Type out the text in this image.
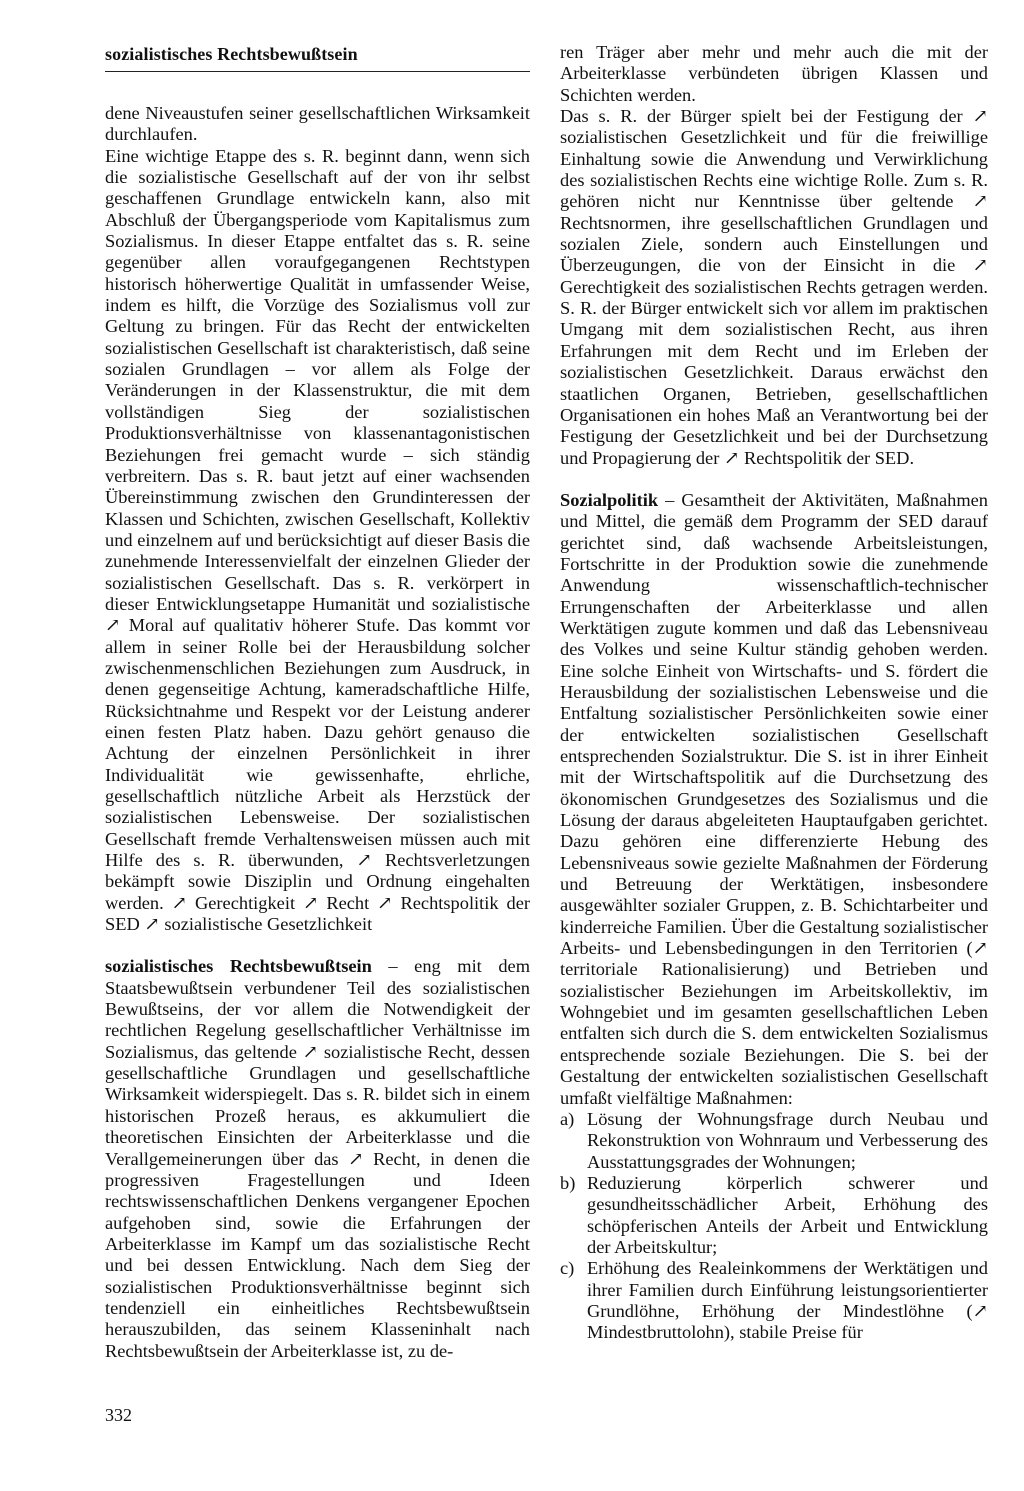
sozialistisches Rechtsbewußtsein

dene Niveaustufen seiner gesellschaftlichen Wirksamkeit durchlaufen.

Eine wichtige Etappe des s. R. beginnt dann, wenn sich die sozialistische Gesellschaft auf der von ihr selbst geschaffenen Grundlage entwickeln kann, also mit Abschluß der Übergangsperiode vom Kapitalismus zum Sozialismus. In dieser Etappe entfaltet das s. R. seine gegenüber allen voraufgegangenen Rechtstypen historisch höherwertige Qualität in umfassender Weise, indem es hilft, die Vorzüge des Sozialismus voll zur Geltung zu bringen. Für das Recht der entwickelten sozialistischen Gesellschaft ist charakteristisch, daß seine sozialen Grundlagen – vor allem als Folge der Veränderungen in der Klassenstruktur, die mit dem vollständigen Sieg der sozialistischen Produktionsverhältnisse von klassenantagonistischen Beziehungen frei gemacht wurde – sich ständig verbreitern. Das s. R. baut jetzt auf einer wachsenden Übereinstimmung zwischen den Grundinteressen der Klassen und Schichten, zwischen Gesellschaft, Kollektiv und einzelnem auf und berücksichtigt auf dieser Basis die zunehmende Interessenvielfalt der einzelnen Glieder der sozialistischen Gesellschaft. Das s. R. verkörpert in dieser Entwicklungsetappe Humanität und sozialistische ↗ Moral auf qualitativ höherer Stufe. Das kommt vor allem in seiner Rolle bei der Herausbildung solcher zwischenmenschlichen Beziehungen zum Ausdruck, in denen gegenseitige Achtung, kameradschaftliche Hilfe, Rücksichtnahme und Respekt vor der Leistung anderer einen festen Platz haben. Dazu gehört genauso die Achtung der einzelnen Persönlichkeit in ihrer Individualität wie gewissenhafte, ehrliche, gesellschaftlich nützliche Arbeit als Herzstück der sozialistischen Lebensweise. Der sozialistischen Gesellschaft fremde Verhaltensweisen müssen auch mit Hilfe des s. R. überwunden, ↗ Rechtsverletzungen bekämpft sowie Disziplin und Ordnung eingehalten werden. ↗ Gerechtigkeit ↗ Recht ↗ Rechtspolitik der SED ↗ sozialistische Gesetzlichkeit

sozialistisches Rechtsbewußtsein – eng mit dem Staatsbewußtsein verbundener Teil des sozialistischen Bewußtseins, der vor allem die Notwendigkeit der rechtlichen Regelung gesellschaftlicher Verhältnisse im Sozialismus, das geltende ↗ sozialistische Recht, dessen gesellschaftliche Grundlagen und gesellschaftliche Wirksamkeit widerspiegelt. Das s. R. bildet sich in einem historischen Prozeß heraus, es akkumuliert die theoretischen Einsichten der Arbeiterklasse und die Verallgemeinerungen über das ↗ Recht, in denen die progressiven Fragestellungen und Ideen rechtswissenschaftlichen Denkens vergangener Epochen aufgehoben sind, sowie die Erfahrungen der Arbeiterklasse im Kampf um das sozialistische Recht und bei dessen Entwicklung. Nach dem Sieg der sozialistischen Produktionsverhältnisse beginnt sich tendenziell ein einheitliches Rechtsbewußtsein herauszubilden, das seinem Klasseninhalt nach Rechtsbewußtsein der Arbeiterklasse ist, zu de-

ren Träger aber mehr und mehr auch die mit der Arbeiterklasse verbündeten übrigen Klassen und Schichten werden.

Das s. R. der Bürger spielt bei der Festigung der ↗ sozialistischen Gesetzlichkeit und für die freiwillige Einhaltung sowie die Anwendung und Verwirklichung des sozialistischen Rechts eine wichtige Rolle. Zum s. R. gehören nicht nur Kenntnisse über geltende ↗ Rechtsnormen, ihre gesellschaftlichen Grundlagen und sozialen Ziele, sondern auch Einstellungen und Überzeugungen, die von der Einsicht in die ↗ Gerechtigkeit des sozialistischen Rechts getragen werden. S. R. der Bürger entwickelt sich vor allem im praktischen Umgang mit dem sozialistischen Recht, aus ihren Erfahrungen mit dem Recht und im Erleben der sozialistischen Gesetzlichkeit. Daraus erwächst den staatlichen Organen, Betrieben, gesellschaftlichen Organisationen ein hohes Maß an Verantwortung bei der Festigung der Gesetzlichkeit und bei der Durchsetzung und Propagierung der ↗ Rechtspolitik der SED.

Sozialpolitik – Gesamtheit der Aktivitäten, Maßnahmen und Mittel, die gemäß dem Programm der SED darauf gerichtet sind, daß wachsende Arbeitsleistungen, Fortschritte in der Produktion sowie die zunehmende Anwendung wissenschaftlich-technischer Errungenschaften der Arbeiterklasse und allen Werktätigen zugute kommen und daß das Lebensniveau des Volkes und seine Kultur ständig gehoben werden. Eine solche Einheit von Wirtschafts- und S. fördert die Herausbildung der sozialistischen Lebensweise und die Entfaltung sozialistischer Persönlichkeiten sowie einer der entwickelten sozialistischen Gesellschaft entsprechenden Sozialstruktur. Die S. ist in ihrer Einheit mit der Wirtschaftspolitik auf die Durchsetzung des ökonomischen Grundgesetzes des Sozialismus und die Lösung der daraus abgeleiteten Hauptaufgaben gerichtet. Dazu gehören eine differenzierte Hebung des Lebensniveaus sowie gezielte Maßnahmen der Förderung und Betreuung der Werktätigen, insbesondere ausgewählter sozialer Gruppen, z. B. Schichtarbeiter und kinderreiche Familien. Über die Gestaltung sozialistischer Arbeits- und Lebensbedingungen in den Territorien (↗ territoriale Rationalisierung) und Betrieben und sozialistischer Beziehungen im Arbeitskollektiv, im Wohngebiet und im gesamten gesellschaftlichen Leben entfalten sich durch die S. dem entwickelten Sozialismus entsprechende soziale Beziehungen. Die S. bei der Gestaltung der entwickelten sozialistischen Gesellschaft umfaßt vielfältige Maßnahmen:

a) Lösung der Wohnungsfrage durch Neubau und Rekonstruktion von Wohnraum und Verbesserung des Ausstattungsgrades der Wohnungen;
b) Reduzierung körperlich schwerer und gesundheitsschädlicher Arbeit, Erhöhung des schöpferischen Anteils der Arbeit und Entwicklung der Arbeitskultur;
c) Erhöhung des Realeinkommens der Werktätigen und ihrer Familien durch Einführung leistungsorientierter Grundlöhne, Erhöhung der Mindestlöhne (↗ Mindestbruttolohn), stabile Preise für
332
